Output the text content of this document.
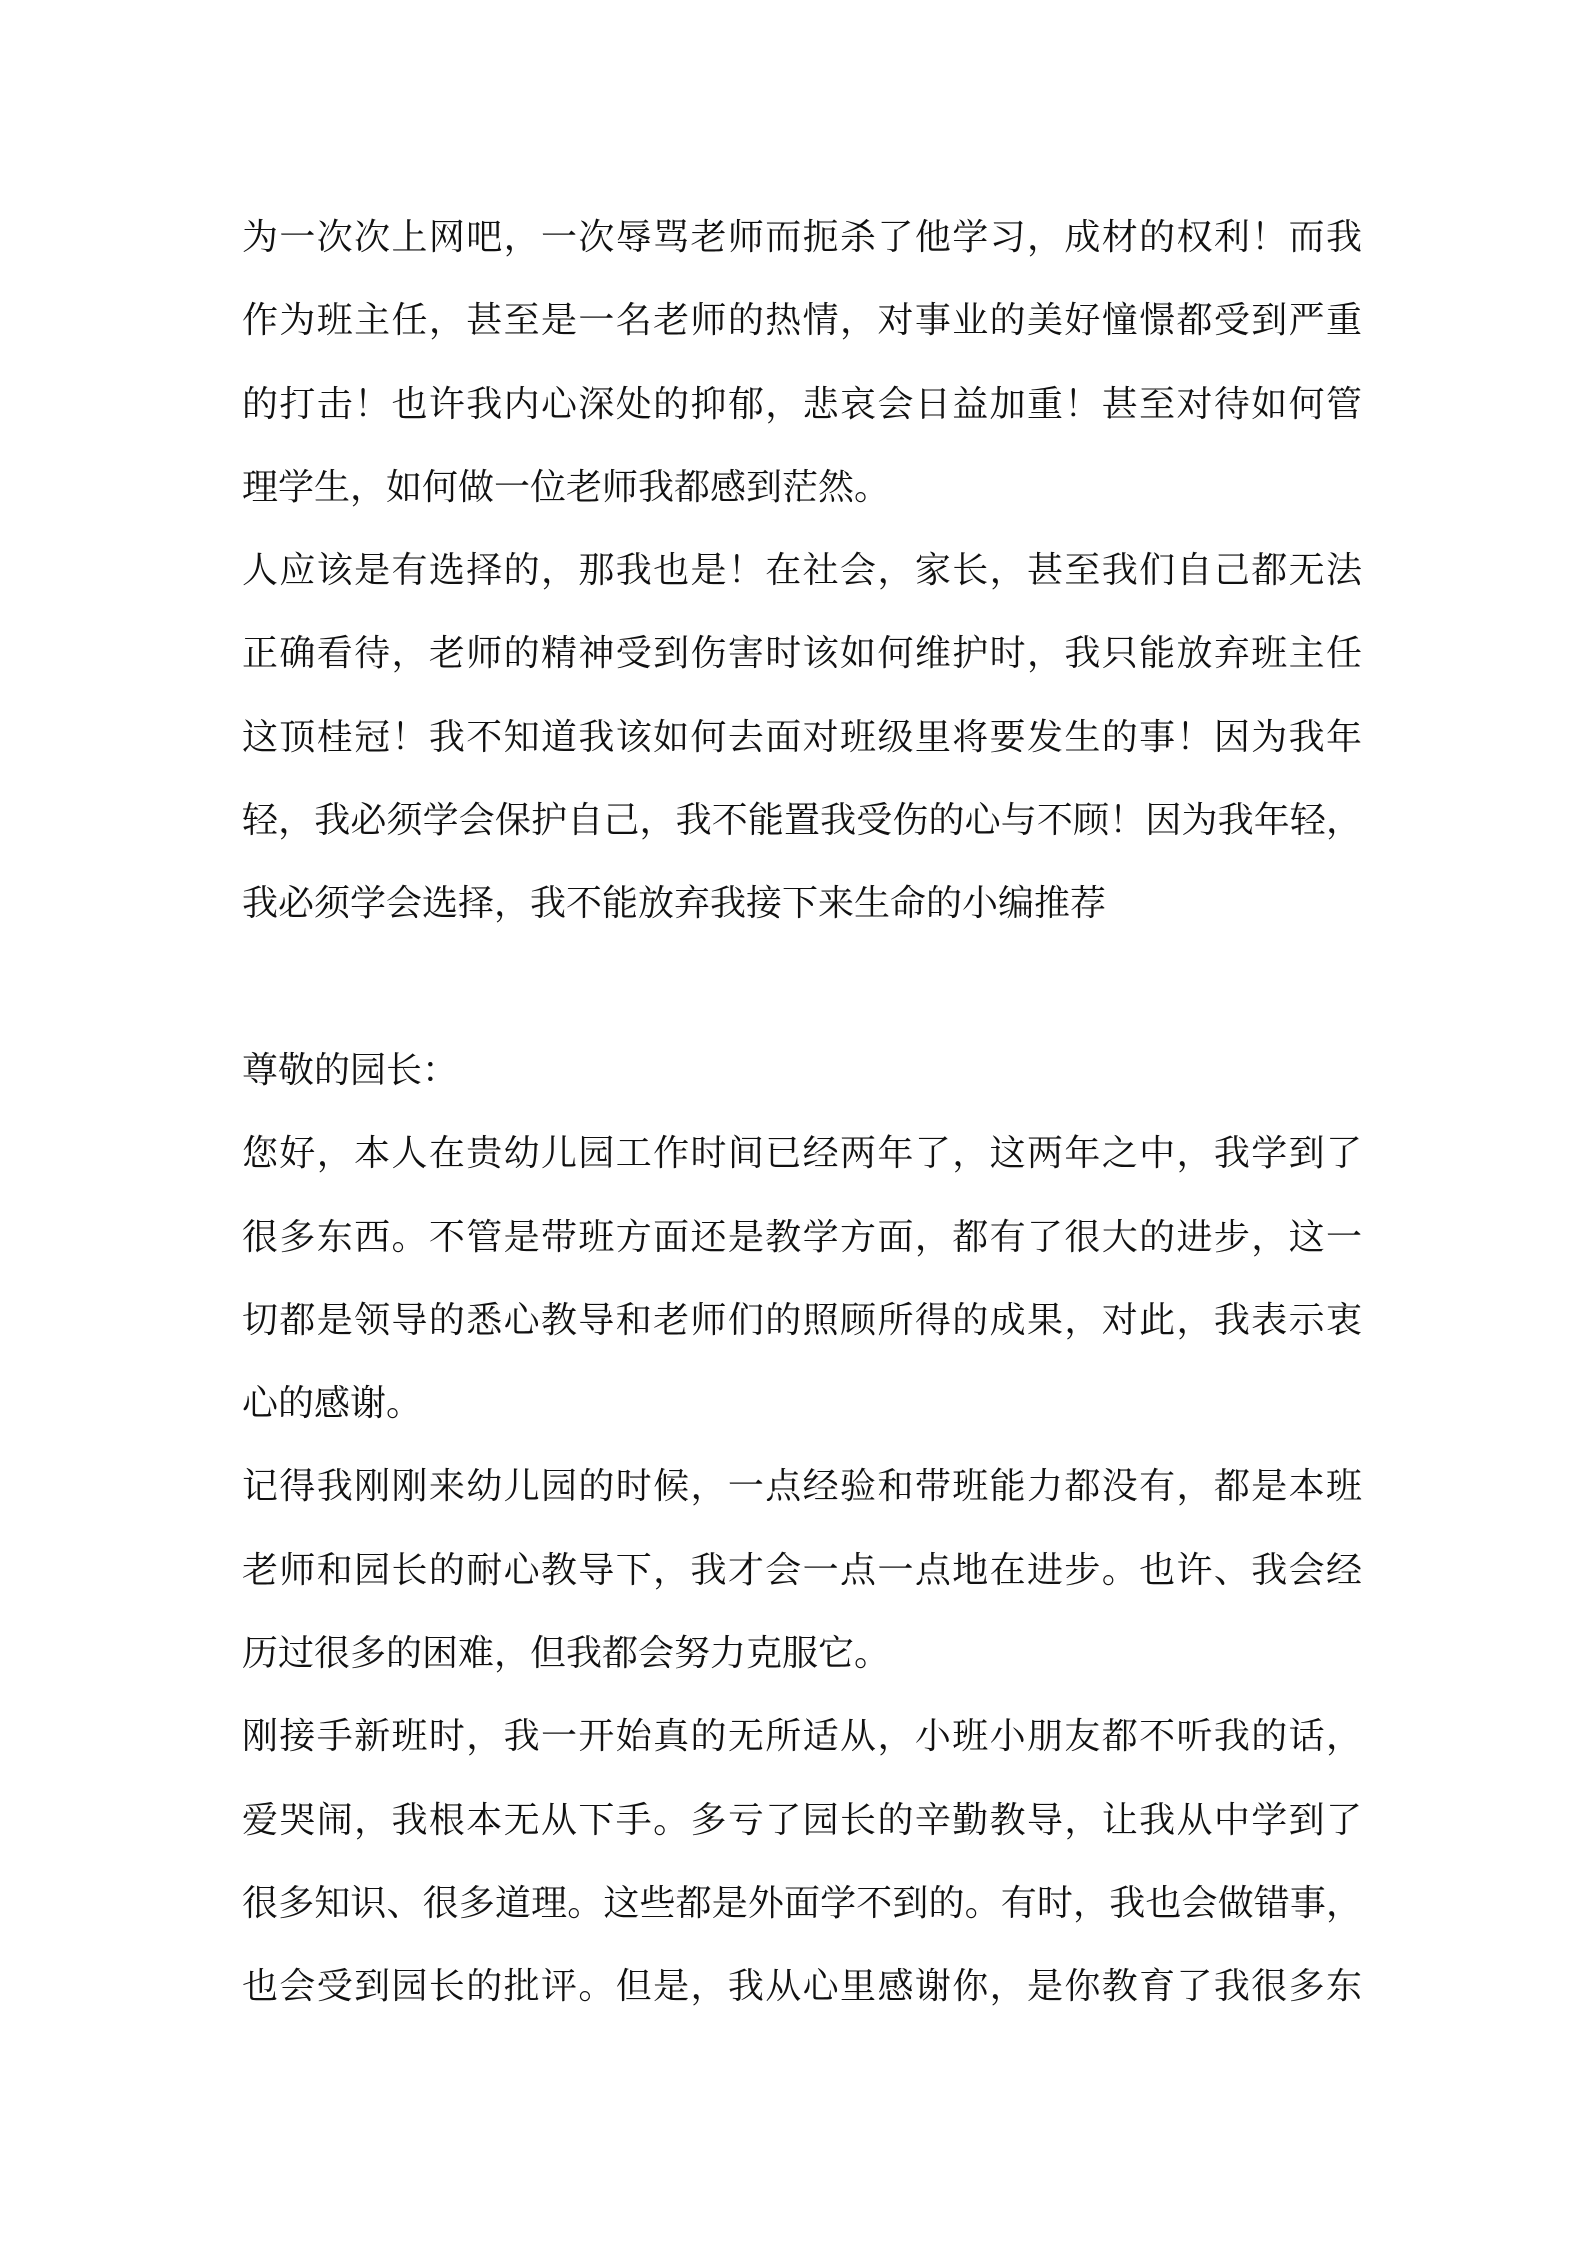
为一次次上网吧，一次辱骂老师而扼杀了他学习，成材的权利！而我
作为班主任，甚至是一名老师的热情，对事业的美好憧憬都受到严重
的打击！也许我内心深处的抑郁，悲哀会日益加重！甚至对待如何管
理学生，如何做一位老师我都感到茫然。
人应该是有选择的，那我也是！在社会，家长，甚至我们自己都无法
正确看待，老师的精神受到伤害时该如何维护时，我只能放弃班主任
这顶桂冠！我不知道我该如何去面对班级里将要发生的事！因为我年
轻，我必须学会保护自己，我不能置我受伤的心与不顾！因为我年轻，
我必须学会选择，我不能放弃我接下来生命的小编推荐
尊敬的园长：
您好，本人在贵幼儿园工作时间已经两年了，这两年之中，我学到了
很多东西。不管是带班方面还是教学方面，都有了很大的进步，这一
切都是领导的悉心教导和老师们的照顾所得的成果，对此，我表示衷
心的感谢。
记得我刚刚来幼儿园的时候，一点经验和带班能力都没有，都是本班
老师和园长的耐心教导下，我才会一点一点地在进步。也许、我会经
历过很多的困难，但我都会努力克服它。
刚接手新班时，我一开始真的无所适从，小班小朋友都不听我的话，
爱哭闹，我根本无从下手。多亏了园长的辛勤教导，让我从中学到了
很多知识、很多道理。这些都是外面学不到的。有时，我也会做错事，
也会受到园长的批评。但是，我从心里感谢你，是你教育了我很多东
